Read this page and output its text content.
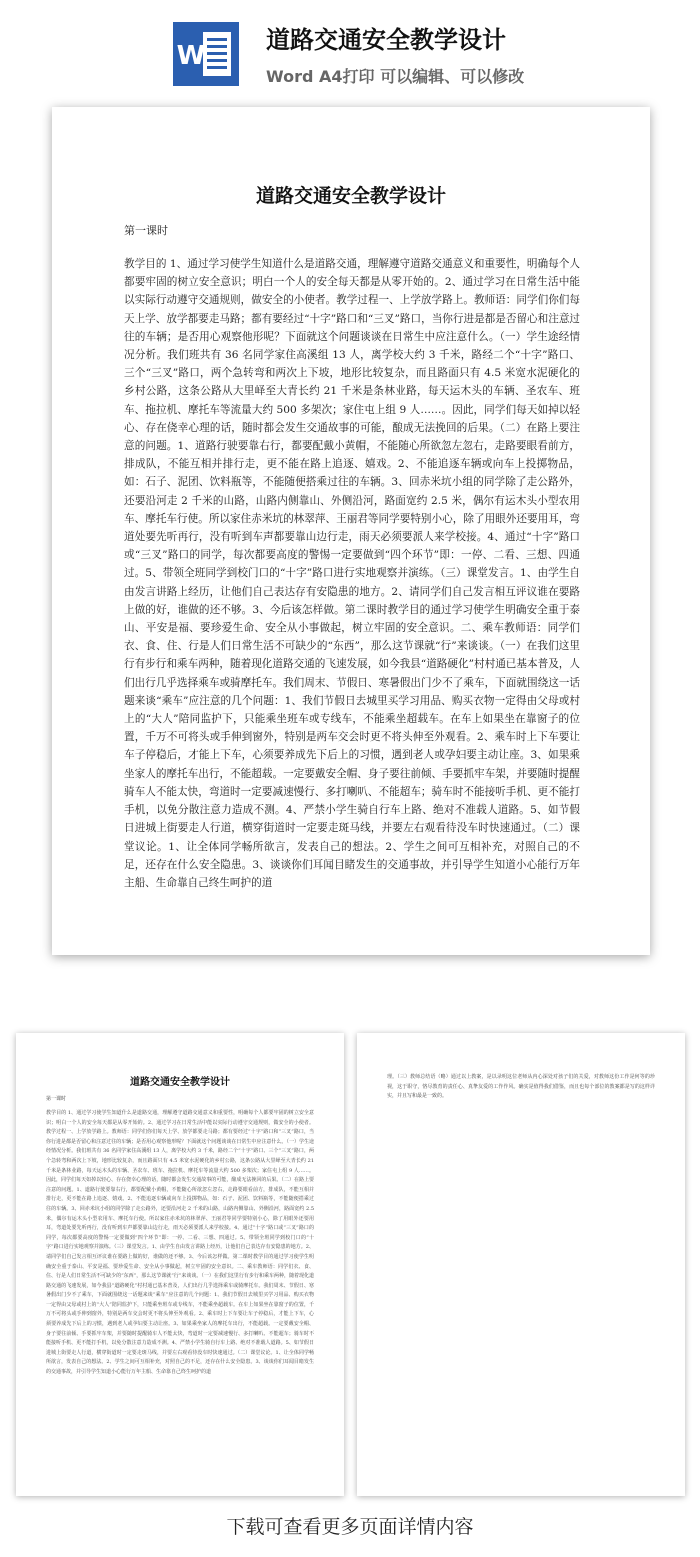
W
道路交通安全教学设计

Word A4打印 可以编辑、可以修改

道路交通安全教学设计
第一课时

教学目的 1、通过学习使学生知道什么是道路交通，理解遵守道路交通意义和重要性，明确每个人都要牢固的树立安全意识；明白一个人的安全每天都是从零开始的。2、通过学习在日常生活中能以实际行动遵守交通规则，做安全的小使者。教学过程一、上学放学路上。教师语：同学们你们每天上学、放学都要走马路；都有要经过“十字”路口和“三叉”路口，当你行进是都是否留心和注意过往的车辆；是否用心观察他形呢？下面就这个问题谈谈在日常生中应注意什么。（一）学生途经情况分析。我们班共有 36 名同学家住高溪组 13 人，离学校大约 3 千米，路经二个“十字”路口、三个“三叉”路口，两个急转弯和两次上下坡，地形比较复杂，而且路面只有 4.5 米宽水泥硬化的乡村公路，这条公路从大里峄至大青长约 21 千米是条林业路，每天运木头的车辆、圣农车、班车、拖拉机、摩托车等流量大约 500 多架次；家住屯上组 9 人……。因此，同学们每天如掉以轻心、存在侥幸心理的话，随时都会发生交通故事的可能，酿成无法挽回的后果。（二）在路上要注意的问题。1、道路行驶要靠右行，都要配戴小黄帽，不能随心所欲忽左忽右，走路要眼看前方，排成队，不能互相并排行走，更不能在路上追逐、嬉戏。2、不能追逐车辆或向车上投掷物品，如：石子、泥团、饮料瓶等，不能随便搭乘过往的车辆。3、回赤米坑小组的同学除了走公路外，还要沿河走 2 千米的山路，山路内侧靠山、外侧沿河，路面宽约 2.5 米，偶尔有运木头小型农用车、摩托车行使。所以家住赤米坑的林翠萍、王丽君等同学要特别小心，除了用眼外还要用耳，弯道处要先听再行，没有听到车声都要靠山边行走，雨天必须要派人来学校接。4、通过“十字”路口或“三叉”路口的同学，每次都要高度的警惕一定要做到“四个环节”即：一停、二看、三想、四通过。5、带领全班同学到校门口的“十字”路口进行实地观察并演练。（三）课堂发言。1、由学生自由发言讲路上经历，让他们自己表达存有安隐患的地方。2、请同学们自己发言相互评议谁在要路上做的好，谁做的还不够。3、今后该怎样做。第二课时教学目的通过学习使学生明确安全重于泰山、平安是福、要珍爱生命、安全从小事做起，树立牢固的安全意识。二、乘车教师语：同学们衣、食、住、行是人们日常生活不可缺少的“东西”，那么这节课就“行”来谈谈。（一）在我们这里行有步行和乘车两种，随着现化道路交通的飞速发展，如今我县“道路硬化”村村通已基本普及，人们出行几乎选择乘车或骑摩托车。我们周末、节假日、寒暑假出门少不了乘车，下面就围绕这一话题来谈“乘车”应注意的几个问题：1、我们节假日去城里买学习用品、购买衣物一定得由父母或村上的“大人”陪同监护下，只能乘坐班车或专线车，不能乘坐超载车。在车上如果坐在靠窗子的位置，千万不可将头或手伸到窗外，特别是两车交会时更不将头伸至外观看。2、乘车时上下车要让车子停稳后，才能上下车，心须要养成先下后上的习惯，遇到老人或孕妇要主动让座。3、如果乘坐家人的摩托车出行，不能超载。一定要戴安全帽、身子要往前倾、手要抓牢车架，并要随时提醒骑车人不能太快，弯道时一定要减速慢行、多打喇叭、不能超车；骑车时不能接听手机、更不能打手机，以免分散注意力造成不测。4、严禁小学生骑自行车上路、绝对不准载人道路。5、如节假日进城上街要走人行道，横穿街道时一定要走斑马线，并要左右观看待没车时快速通过。（二）课堂议论。1、让全体同学畅所欲言，发表自己的想法。2、学生之间可互相补充，对照自己的不足，还存在什么安全隐患。3、谈谈你们耳闻目睹发生的交通事故，并引导学生知道小心能行万年主船、生命靠自己终生呵护的道

道路交通安全教学设计
第一课时

教学目的 1、通过学习使学生知道什么是道路交通，理解遵守道路交通意义和重要性，明确每个人都要牢固的树立安全意识；明白一个人的安全每天都是从零开始的。2、通过学习在日常生活中能以实际行动遵守交通规则，做安全的小使者。教学过程一、上学放学路上。教师语：同学们你们每天上学、放学都要走马路；都有要经过“十字”路口和“三叉”路口，当你行进是都是否留心和注意过往的车辆；是否用心观察他形呢？下面就这个问题谈谈在日常生中应注意什么。（一）学生途经情况分析。我们班共有 36 名同学家住高溪组 13 人，离学校大约 3 千米，路经二个“十字”路口、三个“三叉”路口，两个急转弯和两次上下坡，地形比较复杂，而且路面只有 4.5 米宽水泥硬化的乡村公路，这条公路从大里峄至大青长约 21 千米是条林业路，每天运木头的车辆、圣农车、班车、拖拉机、摩托车等流量大约 500 多架次；家住屯上组 9 人……。因此，同学们每天如掉以轻心、存在侥幸心理的话，随时都会发生交通故事的可能，酿成无法挽回的后果。（二）在路上要注意的问题。1、道路行驶要靠右行，都要配戴小黄帽，不能随心所欲忽左忽右，走路要眼看前方，排成队，不能互相并排行走，更不能在路上追逐、嬉戏。2、不能追逐车辆或向车上投掷物品，如：石子、泥团、饮料瓶等，不能随便搭乘过往的车辆。3、回赤米坑小组的同学除了走公路外，还要沿河走 2 千米的山路，山路内侧靠山、外侧沿河，路面宽约 2.5 米，偶尔有运木头小型农用车、摩托车行使。所以家住赤米坑的林翠萍、王丽君等同学要特别小心，除了用眼外还要用耳，弯道处要先听再行，没有听到车声都要靠山边行走，雨天必须要派人来学校接。4、通过“十字”路口或“三叉”路口的同学，每次都要高度的警惕一定要做到“四个环节”即：一停、二看、三想、四通过。5、带领全班同学到校门口的“十字”路口进行实地观察并演练。（三）课堂发言。1、由学生自由发言讲路上经历，让他们自己表达存有安隐患的地方。2、请同学们自己发言相互评议谁在要路上做的好，谁做的还不够。3、今后该怎样做。第二课时教学目的通过学习使学生明确安全重于泰山、平安是福、要珍爱生命、安全从小事做起，树立牢固的安全意识。二、乘车教师语：同学们衣、食、住、行是人们日常生活不可缺少的“东西”，那么这节课就“行”来谈谈。（一）在我们这里行有步行和乘车两种，随着现化道路交通的飞速发展，如今我县“道路硬化”村村通已基本普及，人们出行几乎选择乘车或骑摩托车。我们周末、节假日、寒暑假出门少不了乘车，下面就围绕这一话题来谈“乘车”应注意的几个问题：1、我们节假日去城里买学习用品、购买衣物一定得由父母或村上的“大人”陪同监护下，只能乘坐班车或专线车，不能乘坐超载车。在车上如果坐在靠窗子的位置，千万不可将头或手伸到窗外，特别是两车交会时更不将头伸至外观看。2、乘车时上下车要让车子停稳后，才能上下车，心须要养成先下后上的习惯，遇到老人或孕妇要主动让座。3、如果乘坐家人的摩托车出行，不能超载。一定要戴安全帽、身子要往前倾、手要抓牢车架，并要随时提醒骑车人不能太快，弯道时一定要减速慢行、多打喇叭、不能超车；骑车时不能接听手机、更不能打手机，以免分散注意力造成不测。4、严禁小学生骑自行车上路、绝对不准载人道路。5、如节假日进城上街要走人行道，横穿街道时一定要走斑马线，并要左右观看待没车时快速通过。（二）课堂议论。1、让全体同学畅所欲言，发表自己的想法。2、学生之间可互相补充，对照自己的不足，还存在什么安全隐患。3、谈谈你们耳闻目睹发生的交通事故，并引导学生知道小心能行万年主船、生命靠自己终生呵护的道

理。（三）教师总结语（略）通过以上教案，是以录明这位老师从内心深处对孩子们的关爱，对教师这份工作是何等的珍视，这于职守，恪尽教育的责任心、真挚友爱的工作作风。确实是值得我们借鉴，而且也每个部位的教案都是写的这样详实，并且写和最是一致的。

下载可查看更多页面详情内容
